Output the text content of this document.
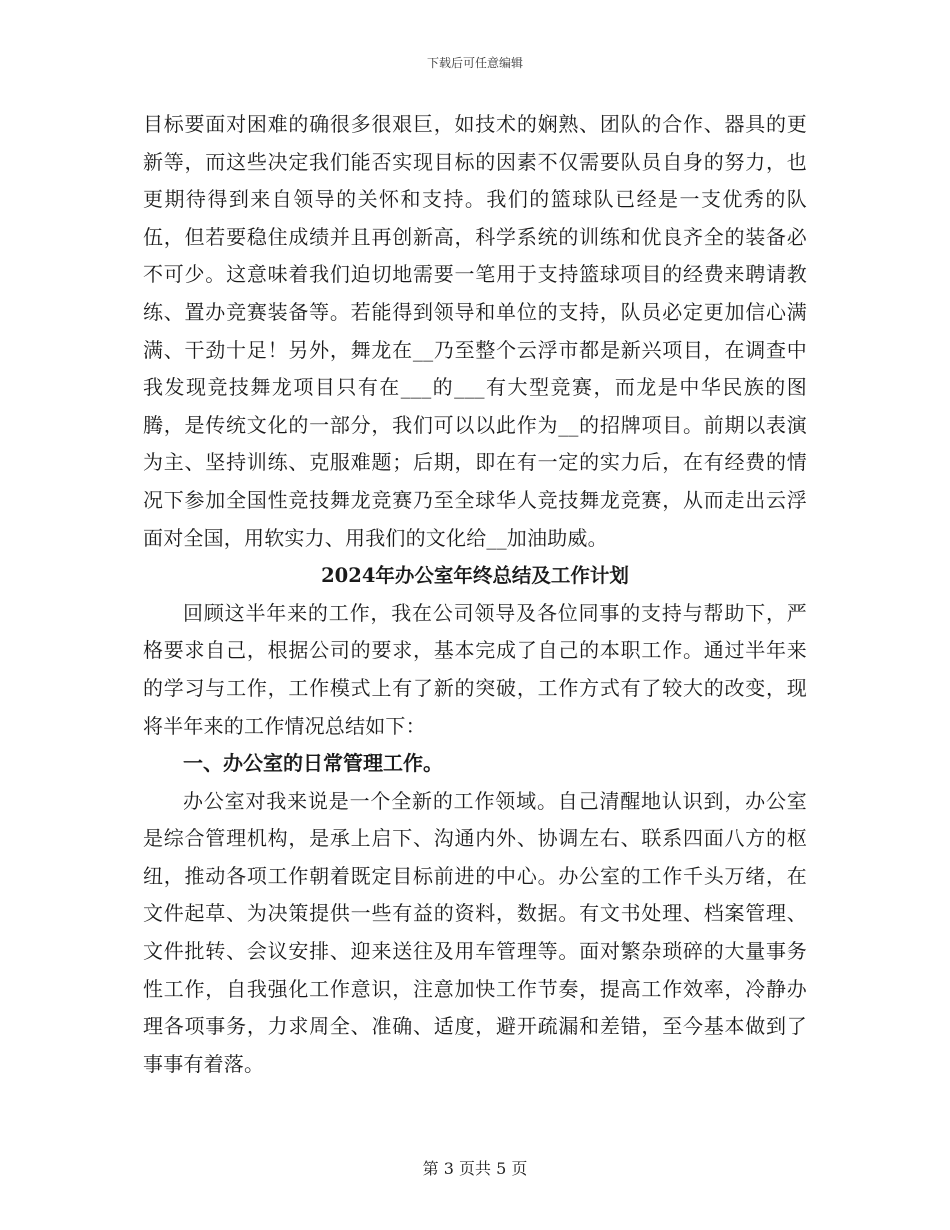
下载后可任意编辑

目标要面对困难的确很多很艰巨，如技术的娴熟、团队的合作、器具的更新等，而这些决定我们能否实现目标的因素不仅需要队员自身的努力，也更期待得到来自领导的关怀和支持。我们的篮球队已经是一支优秀的队伍，但若要稳住成绩并且再创新高，科学系统的训练和优良齐全的装备必不可少。这意味着我们迫切地需要一笔用于支持篮球项目的经费来聘请教练、置办竞赛装备等。若能得到领导和单位的支持，队员必定更加信心满满、干劲十足！另外，舞龙在__乃至整个云浮市都是新兴项目，在调查中我发现竞技舞龙项目只有在___的___有大型竞赛，而龙是中华民族的图腾，是传统文化的一部分，我们可以以此作为__的招牌项目。前期以表演为主、坚持训练、克服难题；后期，即在有一定的实力后，在有经费的情况下参加全国性竞技舞龙竞赛乃至全球华人竞技舞龙竞赛，从而走出云浮面对全国，用软实力、用我们的文化给__加油助威。

2024年办公室年终总结及工作计划

回顾这半年来的工作，我在公司领导及各位同事的支持与帮助下，严格要求自己，根据公司的要求，基本完成了自己的本职工作。通过半年来的学习与工作，工作模式上有了新的突破，工作方式有了较大的改变，现将半年来的工作情况总结如下：

一、办公室的日常管理工作。

办公室对我来说是一个全新的工作领域。自己清醒地认识到，办公室是综合管理机构，是承上启下、沟通内外、协调左右、联系四面八方的枢纽，推动各项工作朝着既定目标前进的中心。办公室的工作千头万绪，在文件起草、为决策提供一些有益的资料，数据。有文书处理、档案管理、文件批转、会议安排、迎来送往及用车管理等。面对繁杂琐碎的大量事务性工作，自我强化工作意识，注意加快工作节奏，提高工作效率，冷静办理各项事务，力求周全、准确、适度，避开疏漏和差错，至今基本做到了事事有着落。

第 3 页共 5 页
